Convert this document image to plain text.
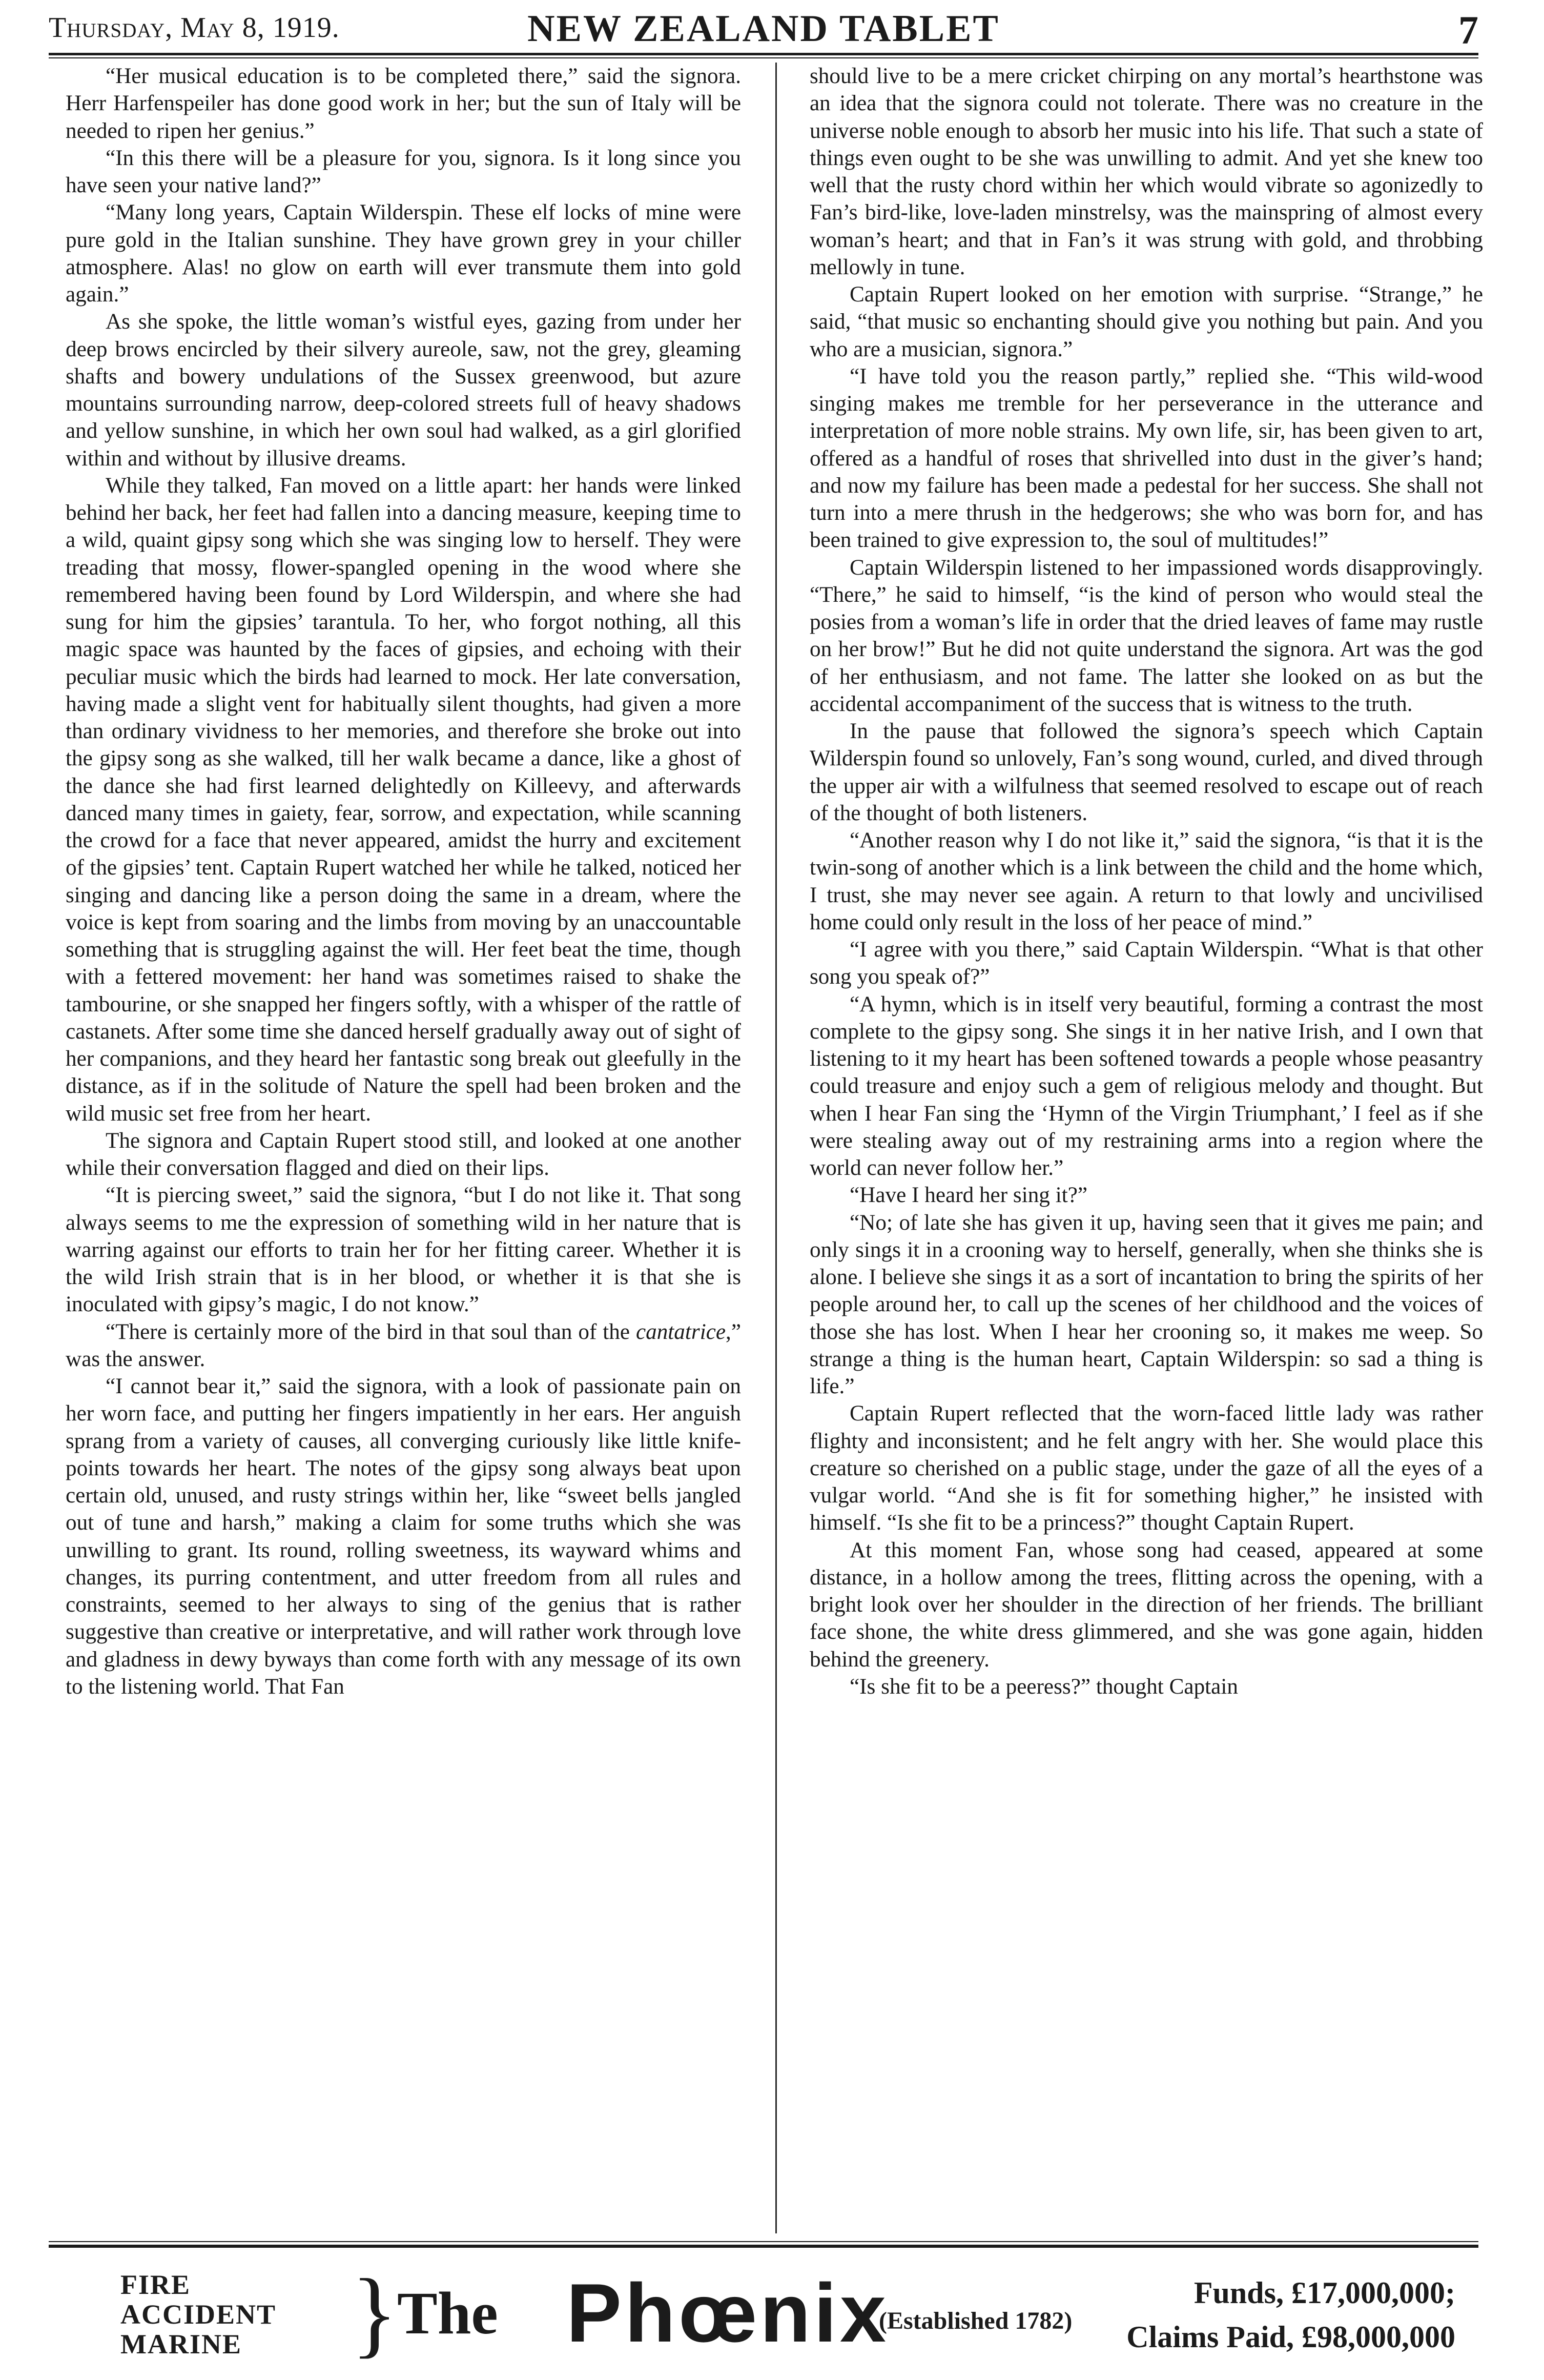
Thursday, May 8, 1919.	NEW ZEALAND TABLET	7

“Her musical education is to be completed there,” said the signora. Herr Harfenspeiler has done good work in her; but the sun of Italy will be needed to ripen her genius.”

“In this there will be a pleasure for you, signora. Is it long since you have seen your native land?”

“Many long years, Captain Wilderspin. These elf locks of mine were pure gold in the Italian sunshine. They have grown grey in your chiller atmosphere. Alas! no glow on earth will ever transmute them into gold again.”

As she spoke, the little woman’s wistful eyes, gazing from under her deep brows encircled by their silvery aureole, saw, not the grey, gleaming shafts and bowery undulations of the Sussex greenwood, but azure mountains surrounding narrow, deep-colored streets full of heavy shadows and yellow sunshine, in which her own soul had walked, as a girl glorified within and without by illusive dreams.

While they talked, Fan moved on a little apart: her hands were linked behind her back, her feet had fallen into a dancing measure, keeping time to a wild, quaint gipsy song which she was singing low to herself. They were treading that mossy, flower-spangled opening in the wood where she remembered having been found by Lord Wilderspin, and where she had sung for him the gipsies’ tarantula. To her, who forgot nothing, all this magic space was haunted by the faces of gipsies, and echoing with their peculiar music which the birds had learned to mock. Her late conversation, having made a slight vent for habitually silent thoughts, had given a more than ordinary vividness to her memories, and therefore she broke out into the gipsy song as she walked, till her walk became a dance, like a ghost of the dance she had first learned delightedly on Killeevy, and afterwards danced many times in gaiety, fear, sorrow, and expectation, while scanning the crowd for a face that never appeared, amidst the hurry and excitement of the gipsies’ tent. Captain Rupert watched her while he talked, noticed her singing and dancing like a person doing the same in a dream, where the voice is kept from soaring and the limbs from moving by an unaccountable something that is struggling against the will. Her feet beat the time, though with a fettered movement: her hand was sometimes raised to shake the tambourine, or she snapped her fingers softly, with a whisper of the rattle of castanets. After some time she danced herself gradually away out of sight of her companions, and they heard her fantastic song break out gleefully in the distance, as if in the solitude of Nature the spell had been broken and the wild music set free from her heart.

The signora and Captain Rupert stood still, and looked at one another while their conversation flagged and died on their lips.

“It is piercing sweet,” said the signora, “but I do not like it. That song always seems to me the expression of something wild in her nature that is warring against our efforts to train her for her fitting career. Whether it is the wild Irish strain that is in her blood, or whether it is that she is inoculated with gipsy’s magic, I do not know.”

“There is certainly more of the bird in that soul than of the cantatrice,” was the answer.

“I cannot bear it,” said the signora, with a look of passionate pain on her worn face, and putting her fingers impatiently in her ears. Her anguish sprang from a variety of causes, all converging curiously like little knife-points towards her heart. The notes of the gipsy song always beat upon certain old, unused, and rusty strings within her, like “sweet bells jangled out of tune and harsh,” making a claim for some truths which she was unwilling to grant. Its round, rolling sweetness, its wayward whims and changes, its purring contentment, and utter freedom from all rules and constraints, seemed to her always to sing of the genius that is rather suggestive than creative or interpretative, and will rather work through love and gladness in dewy byways than come forth with any message of its own to the listening world. That Fan

should live to be a mere cricket chirping on any mortal’s hearthstone was an idea that the signora could not tolerate. There was no creature in the universe noble enough to absorb her music into his life. That such a state of things even ought to be she was unwilling to admit. And yet she knew too well that the rusty chord within her which would vibrate so agonizedly to Fan’s bird-like, love-laden minstrelsy, was the mainspring of almost every woman’s heart; and that in Fan’s it was strung with gold, and throbbing mellowly in tune.

Captain Rupert looked on her emotion with surprise. “Strange,” he said, “that music so enchanting should give you nothing but pain. And you who are a musician, signora.”

“I have told you the reason partly,” replied she. “This wild-wood singing makes me tremble for her perseverance in the utterance and interpretation of more noble strains. My own life, sir, has been given to art, offered as a handful of roses that shrivelled into dust in the giver’s hand; and now my failure has been made a pedestal for her success. She shall not turn into a mere thrush in the hedgerows; she who was born for, and has been trained to give expression to, the soul of multitudes!”

Captain Wilderspin listened to her impassioned words disapprovingly. “There,” he said to himself, “is the kind of person who would steal the posies from a woman’s life in order that the dried leaves of fame may rustle on her brow!” But he did not quite understand the signora. Art was the god of her enthusiasm, and not fame. The latter she looked on as but the accidental accompaniment of the success that is witness to the truth.

In the pause that followed the signora’s speech which Captain Wilderspin found so unlovely, Fan’s song wound, curled, and dived through the upper air with a wilfulness that seemed resolved to escape out of reach of the thought of both listeners.

“Another reason why I do not like it,” said the signora, “is that it is the twin-song of another which is a link between the child and the home which, I trust, she may never see again. A return to that lowly and uncivilised home could only result in the loss of her peace of mind.”

“I agree with you there,” said Captain Wilderspin. “What is that other song you speak of?”

“A hymn, which is in itself very beautiful, forming a contrast the most complete to the gipsy song. She sings it in her native Irish, and I own that listening to it my heart has been softened towards a people whose peasantry could treasure and enjoy such a gem of religious melody and thought. But when I hear Fan sing the ‘Hymn of the Virgin Triumphant,’ I feel as if she were stealing away out of my restraining arms into a region where the world can never follow her.”

“Have I heard her sing it?”

“No; of late she has given it up, having seen that it gives me pain; and only sings it in a crooning way to herself, generally, when she thinks she is alone. I believe she sings it as a sort of incantation to bring the spirits of her people around her, to call up the scenes of her childhood and the voices of those she has lost. When I hear her crooning so, it makes me weep. So strange a thing is the human heart, Captain Wilderspin: so sad a thing is life.”

Captain Rupert reflected that the worn-faced little lady was rather flighty and inconsistent; and he felt angry with her. She would place this creature so cherished on a public stage, under the gaze of all the eyes of a vulgar world. “And she is fit for something higher,” he insisted with himself. “Is she fit to be a princess?” thought Captain Rupert.

At this moment Fan, whose song had ceased, appeared at some distance, in a hollow among the trees, flitting across the opening, with a bright look over her shoulder in the direction of her friends. The brilliant face shone, the white dress glimmered, and she was gone again, hidden behind the greenery.

“Is she fit to be a peeress?” thought Captain

FIRE
ACCIDENT
MARINE	}
The Phœnix
(Established 1782)
Funds, £17,000,000;
Claims Paid, £98,000,000
